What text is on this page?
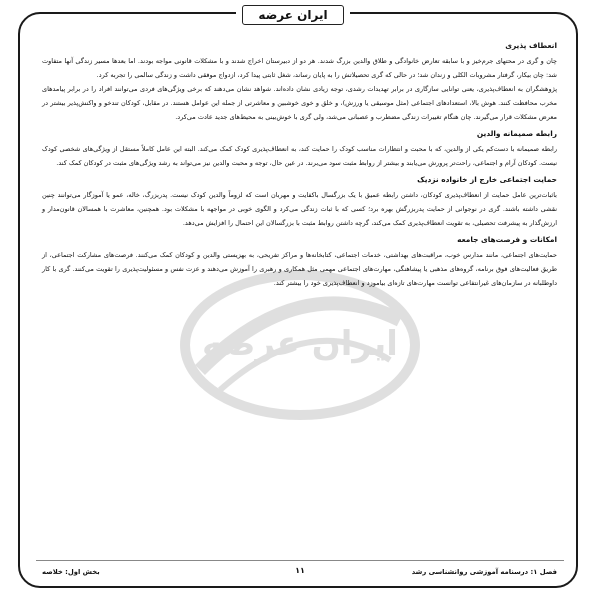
ایران عرضه
ایران عرضه
انعطاف پذیری

چان و گری در محتهای جرم‌خیز و با سابقه تعارض خانوادگی و طلاق والدین بزرگ شدند. هر دو از دبیرستان اخراج شدند و با مشکلات قانونی مواجه بودند. اما بعدها مسیر زندگی آنها متفاوت شد: چان بیکار، گرفتار مشروبات الکلی و زندان شد؛ در حالی که گری تحصیلاتش را به پایان رساند، شغل ثابتی پیدا کرد، ازدواج موفقی داشت و زندگی سالمی را تجربه کرد.

پژوهشگران به انعطاف‌پذیری، یعنی توانایی سازگاری در برابر تهدیدات رشدی، توجه زیادی نشان داده‌اند. شواهد نشان می‌دهند که برخی ویژگی‌های فردی می‌توانند افراد را در برابر پیامدهای مخرب محافظت کنند. هوش بالا، استعدادهای اجتماعی (مثل موسیقی یا ورزش)، و خلق و خوی خوشبین و معاشرتی از جمله این عوامل هستند. در مقابل، کودکان تندخو و واکنش‌پذیر بیشتر در معرض مشکلات قرار می‌گیرند. چان هنگام تغییرات زندگی مضطرب و عصبانی می‌شد، ولی گری با خوش‌بینی به محیط‌های جدید عادت می‌کرد.

رابطه صمیمانه والدین

رابطه صمیمانه با دست‌کم یکی از والدین، که با محبت و انتظارات مناسب کودک را حمایت کند، به انعطاف‌پذیری کودک کمک می‌کند. البته این عامل کاملاً مستقل از ویژگی‌های شخصی کودک نیست. کودکان آرام و اجتماعی، راحت‌تر پرورش می‌یابند و بیشتر از روابط مثبت سود می‌برند. در عین حال، توجه و محبت والدین نیز می‌تواند به رشد ویژگی‌های مثبت در کودکان کمک کند.

حمایت اجتماعی خارج از خانواده نزدیک

باثبات‌ترین عامل حمایت از انعطاف‌پذیری کودکان، داشتن رابطه عمیق با یک بزرگسال باکفایت و مهربان است که لزوماً والدین کودک نیست. پدربزرگ، خاله، عمو یا آموزگار می‌توانند چنین نقشی داشته باشند. گری در نوجوانی از حمایت پدربزرگش بهره برد؛ کسی که با ثبات زندگی می‌کرد و الگوی خوبی در مواجهه با مشکلات بود. همچنین، معاشرت با همسالان قانون‌مدار و ارزش‌گذار به پیشرفت تحصیلی، به تقویت انعطاف‌پذیری کمک می‌کند، گرچه داشتن روابط مثبت با بزرگسالان این احتمال را افزایش می‌دهد.

امکانات و فرصت‌های جامعه

حمایت‌های اجتماعی، مانند مدارس خوب، مراقبت‌های بهداشتی، خدمات اجتماعی، کتابخانه‌ها و مراکز تفریحی، به بهزیستی والدین و کودکان کمک می‌کنند. فرصت‌های مشارکت اجتماعی، از طریق فعالیت‌های فوق برنامه، گروه‌های مذهبی یا پیشاهنگی، مهارت‌های اجتماعی مهمی مثل همکاری و رهبری را آموزش می‌دهند و عزت نفس و مسئولیت‌پذیری را تقویت می‌کنند. گری با کار داوطلبانه در سازمان‌های غیرانتفاعی توانست مهارت‌های تازه‌ای بیاموزد و انعطاف‌پذیری خود را بیشتر کند.

فصل ۱: درسنامه آموزشی روانشناسی رشد
۱۱
بخش اول: خلاصه
